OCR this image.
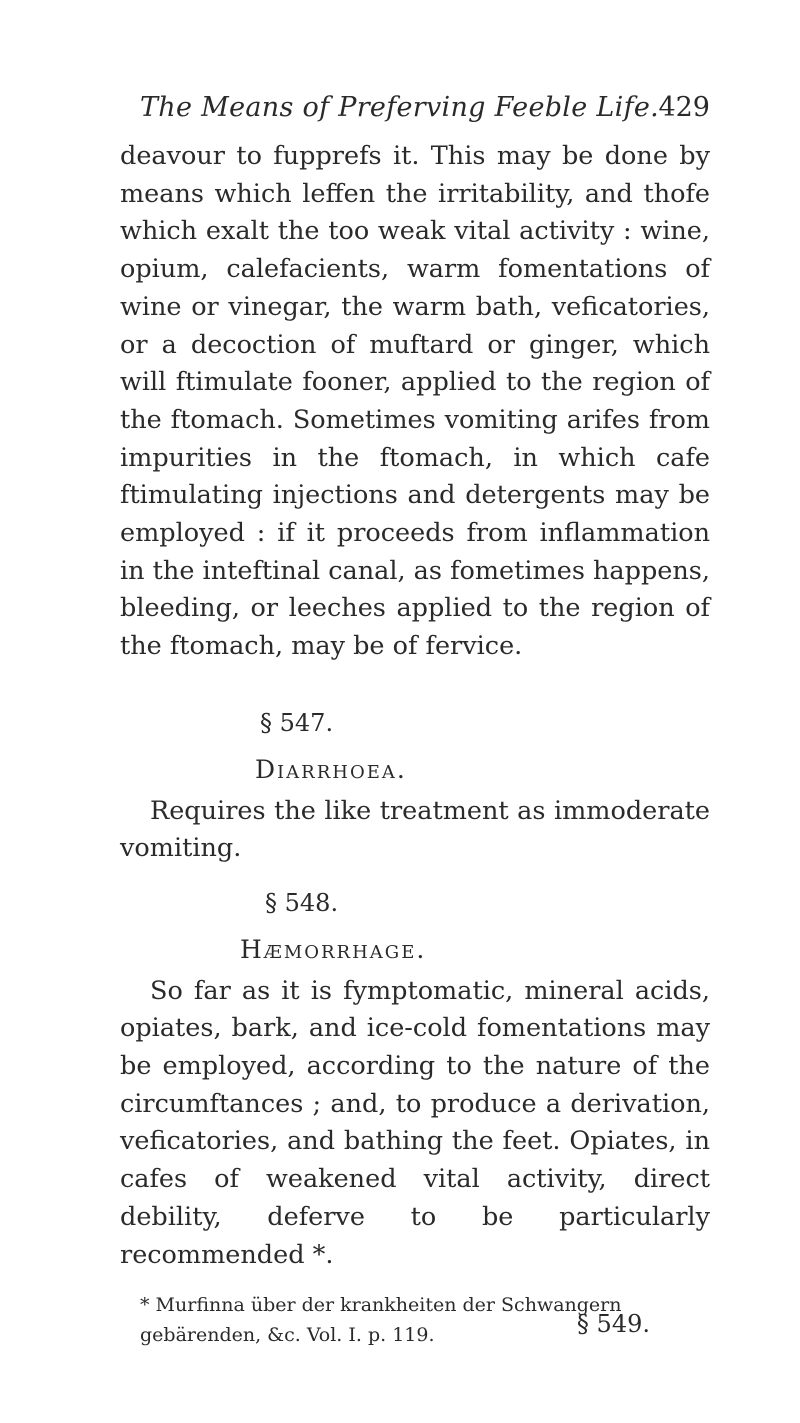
The Means of Preferving Feeble Life. 429

deavour to fupprefs it. This may be done by means which leffen the irritability, and thofe which exalt the too weak vital activity : wine, opium, calefacients, warm fomentations of wine or vinegar, the warm bath, veficatories, or a decoction of muftard or ginger, which will ftimulate fooner, applied to the region of the ftomach. Sometimes vomiting arifes from impurities in the ftomach, in which cafe ftimulating injections and detergents may be employed : if it proceeds from inflammation in the inteftinal canal, as fometimes happens, bleeding, or leeches applied to the region of the ftomach, may be of fervice.

§ 547.

Diarrhoea.

Requires the like treatment as immoderate vomiting.

§ 548.

Hæmorrhage.

So far as it is fymptomatic, mineral acids, opiates, bark, and ice-cold fomentations may be employed, according to the nature of the circumftances ; and, to produce a derivation, veficatories, and bathing the feet. Opiates, in cafes of weakened vital activity, direct debility, deferve to be particularly recommended *.

§ 549.

* Murfinna über der krankheiten der Schwangern gebärenden, &c. Vol. I. p. 119.
